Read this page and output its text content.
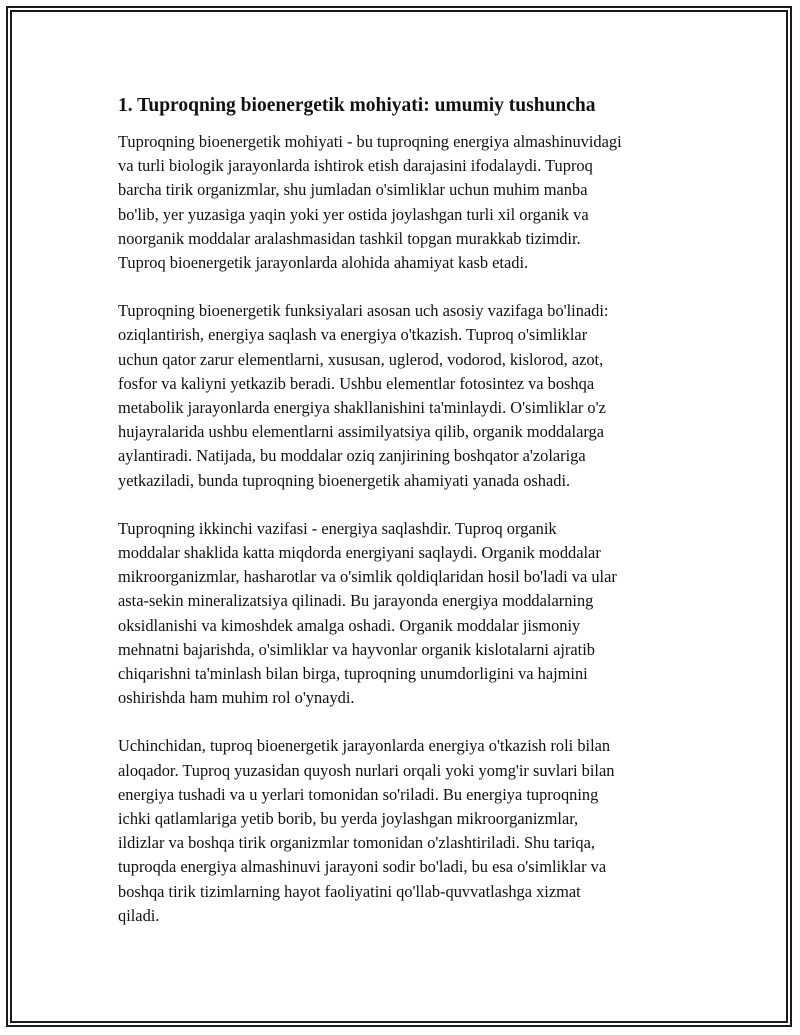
1. Tuproqning bioenergetik mohiyati: umumiy tushuncha
Tuproqning bioenergetik mohiyati - bu tuproqning energiya almashinuvidagi
va turli biologik jarayonlarda ishtirok etish darajasini ifodalaydi. Tuproq
barcha tirik organizmlar, shu jumladan o'simliklar uchun muhim manba
bo'lib, yer yuzasiga yaqin yoki yer ostida joylashgan turli xil organik va
noorganik moddalar aralashmasidan tashkil topgan murakkab tizimdir.
Tuproq bioenergetik jarayonlarda alohida ahamiyat kasb etadi.
Tuproqning bioenergetik funksiyalari asosan uch asosiy vazifaga bo'linadi:
oziqlantirish, energiya saqlash va energiya o'tkazish. Tuproq o'simliklar
uchun qator zarur elementlarni, xususan, uglerod, vodorod, kislorod, azot,
fosfor va kaliyni yetkazib beradi. Ushbu elementlar fotosintez va boshqa
metabolik jarayonlarda energiya shakllanishini ta'minlaydi. O'simliklar o'z
hujayralarida ushbu elementlarni assimilyatsiya qilib, organik moddalarga
aylantiradi. Natijada, bu moddalar oziq zanjirining boshqator a'zolariga
yetkaziladi, bunda tuproqning bioenergetik ahamiyati yanada oshadi.
Tuproqning ikkinchi vazifasi - energiya saqlashdir. Tuproq organik
moddalar shaklida katta miqdorda energiyani saqlaydi. Organik moddalar
mikroorganizmlar, hasharotlar va o'simlik qoldiqlaridan hosil bo'ladi va ular
asta-sekin mineralizatsiya qilinadi. Bu jarayonda energiya moddalarning
oksidlanishi va kimoshdek amalga oshadi. Organik moddalar jismoniy
mehnatni bajarishda, o'simliklar va hayvonlar organik kislotalarni ajratib
chiqarishni ta'minlash bilan birga, tuproqning unumdorligini va hajmini
oshirishda ham muhim rol o'ynaydi.
Uchinchidan, tuproq bioenergetik jarayonlarda energiya o'tkazish roli bilan
aloqador. Tuproq yuzasidan quyosh nurlari orqali yoki yomg'ir suvlari bilan
energiya tushadi va u yerlari tomonidan so'riladi. Bu energiya tuproqning
ichki qatlamlariga yetib borib, bu yerda joylashgan mikroorganizmlar,
ildizlar va boshqa tirik organizmlar tomonidan o'zlashtiriladi. Shu tariqa,
tuproqda energiya almashinuvi jarayoni sodir bo'ladi, bu esa o'simliklar va
boshqa tirik tizimlarning hayot faoliyatini qo'llab-quvvatlashga xizmat
qiladi.
